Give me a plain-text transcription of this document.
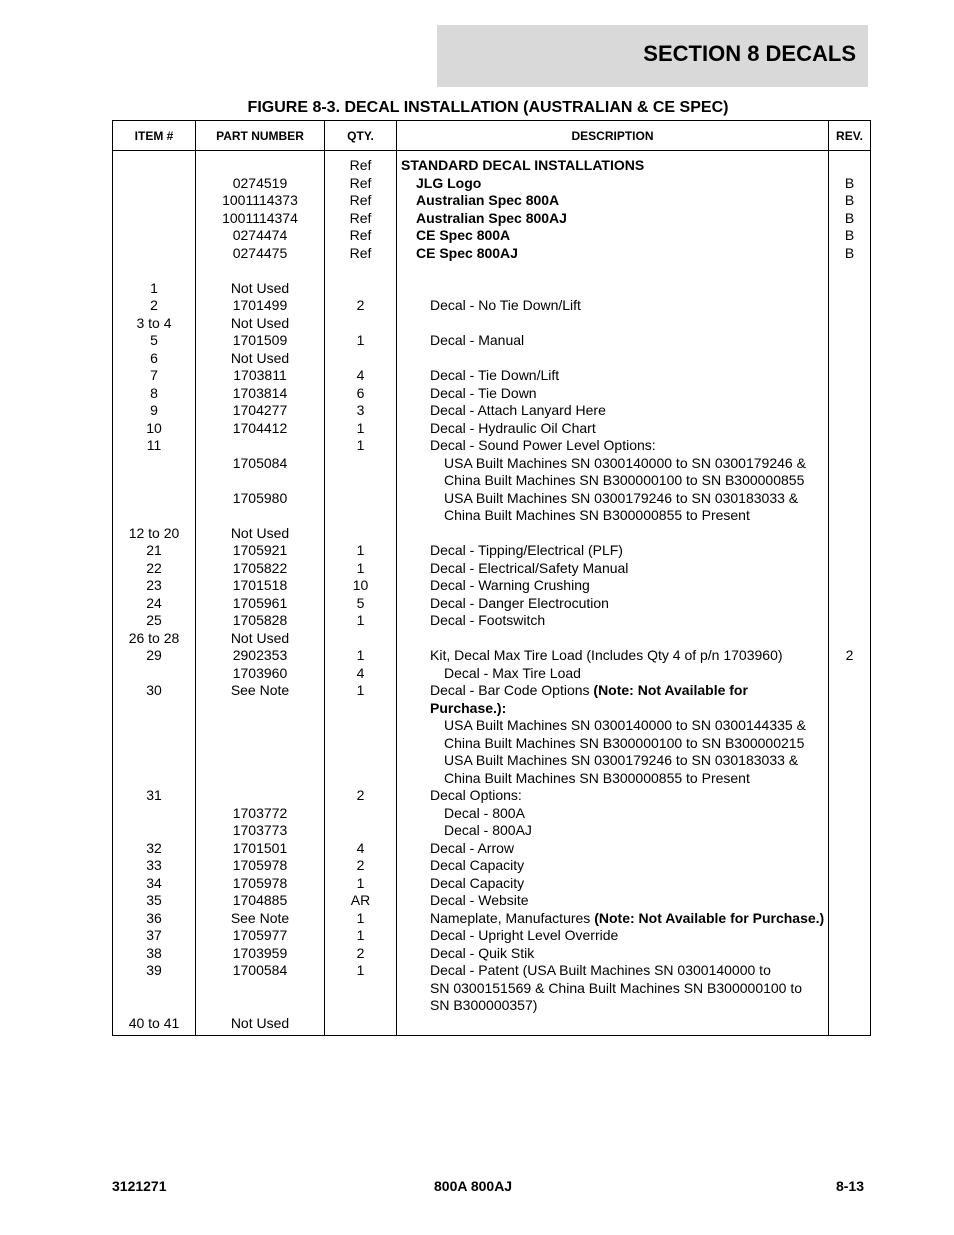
SECTION 8 DECALS
FIGURE 8-3. DECAL INSTALLATION (AUSTRALIAN & CE SPEC)
ITEM #	PART NUMBER	QTY.	DESCRIPTION	REV.
		Ref	STANDARD DECAL INSTALLATIONS	
	0274519	Ref	JLG Logo	B
	1001114373	Ref	Australian Spec 800A	B
	1001114374	Ref	Australian Spec 800AJ	B
	0274474	Ref	CE Spec 800A	B
	0274475	Ref	CE Spec 800AJ	B

1	Not Used			
2	1701499	2	Decal - No Tie Down/Lift	

3 to 4	Not Used			
5	1701509	1	Decal - Manual	

6	Not Used			
7	1703811	4	Decal - Tie Down/Lift	

8	1703814	6	Decal - Tie Down	

9	1704277	3	Decal - Attach Lanyard Here	

10	1704412	1	Decal - Hydraulic Oil Chart	

11		1	Decal - Sound Power Level Options:	

	1705084		USA Built Machines SN 0300140000 to SN 0300179246 &
China Built Machines SN B300000100 to SN B300000855	

	1705980		USA Built Machines SN 0300179246 to SN 030183033 &
China Built Machines SN B300000855 to Present	

12 to 20	Not Used			
21	1705921	1	Decal - Tipping/Electrical (PLF)	

22	1705822	1	Decal - Electrical/Safety Manual	

23	1701518	10	Decal - Warning Crushing	

24	1705961	5	Decal - Danger Electrocution	

25	1705828	1	Decal - Footswitch	

26 to 28	Not Used			
29	2902353	1	Kit, Decal Max Tire Load (Includes Qty 4 of p/n 1703960)	2
	1703960	4	Decal - Max Tire Load	

30	See Note	1	Decal - Bar Code Options (Note: Not Available for
Purchase.):	

			USA Built Machines SN 0300140000 to SN 0300144335 &
China Built Machines SN B300000100 to SN B300000215	

			USA Built Machines SN 0300179246 to SN 030183033 &
China Built Machines SN B300000855 to Present	

31		2	Decal Options:	

	1703772		Decal - 800A	

	1703773		Decal - 800AJ	

32	1701501	4	Decal - Arrow	

33	1705978	2	Decal Capacity	

34	1705978	1	Decal Capacity	

35	1704885	AR	Decal - Website	

36	See Note	1	Nameplate, Manufactures (Note: Not Available for Purchase.)	

37	1705977	1	Decal - Upright Level Override	

38	1703959	2	Decal - Quik Stik	

39	1700584	1	Decal - Patent (USA Built Machines SN 0300140000 to
SN 0300151569 & China Built Machines SN B300000100 to
SN B300000357)	

40 to 41	Not Used			
3121271	800A 800AJ	8-13
